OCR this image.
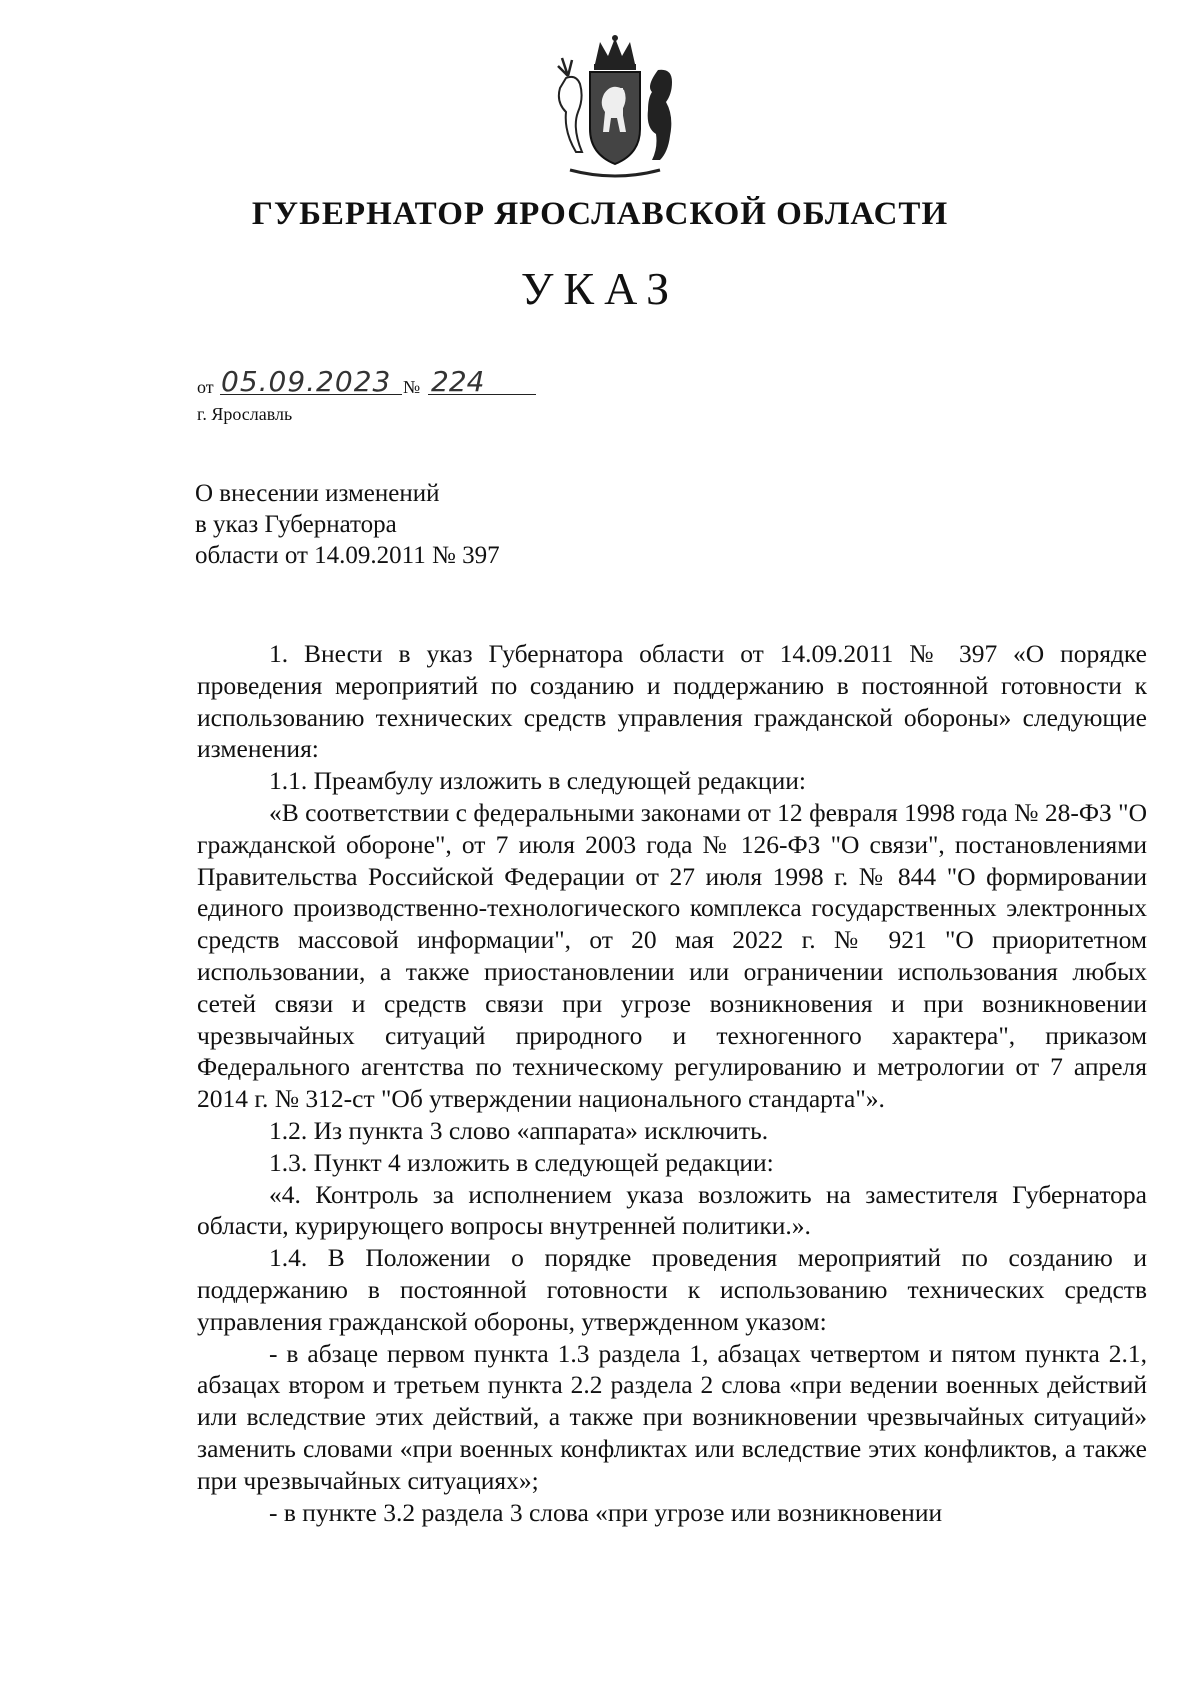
ГУБЕРНАТОР ЯРОСЛАВСКОЙ ОБЛАСТИ
УКАЗ
от 05.09.2023 № 224
г. Ярославль
О внесении изменений
в указ Губернатора
области от 14.09.2011 № 397

1. Внести в указ Губернатора области от 14.09.2011 № 397 «О порядке проведения мероприятий по созданию и поддержанию в постоянной готовности к использованию технических средств управления гражданской обороны» следующие изменения:

1.1. Преамбулу изложить в следующей редакции:

«В соответствии с федеральными законами от 12 февраля 1998 года № 28-ФЗ "О гражданской обороне", от 7 июля 2003 года № 126-ФЗ "О связи", постановлениями Правительства Российской Федерации от 27 июля 1998 г. № 844 "О формировании единого производственно-технологического комплекса государственных электронных средств массовой информации", от 20 мая 2022 г. № 921 "О приоритетном использовании, а также приостановлении или ограничении использования любых сетей связи и средств связи при угрозе возникновения и при возникновении чрезвычайных ситуаций природного и техногенного характера", приказом Федерального агентства по техническому регулированию и метрологии от 7 апреля 2014 г. № 312-ст "Об утверждении национального стандарта"».

1.2. Из пункта 3 слово «аппарата» исключить.

1.3. Пункт 4 изложить в следующей редакции:

«4. Контроль за исполнением указа возложить на заместителя Губернатора области, курирующего вопросы внутренней политики.».

1.4. В Положении о порядке проведения мероприятий по созданию и поддержанию в постоянной готовности к использованию технических средств управления гражданской обороны, утвержденном указом:

- в абзаце первом пункта 1.3 раздела 1, абзацах четвертом и пятом пункта 2.1, абзацах втором и третьем пункта 2.2 раздела 2 слова «при ведении военных действий или вследствие этих действий, а также при возникновении чрезвычайных ситуаций» заменить словами «при военных конфликтах или вследствие этих конфликтов, а также при чрезвычайных ситуациях»;

- в пункте 3.2 раздела 3 слова «при угрозе или возникновении
